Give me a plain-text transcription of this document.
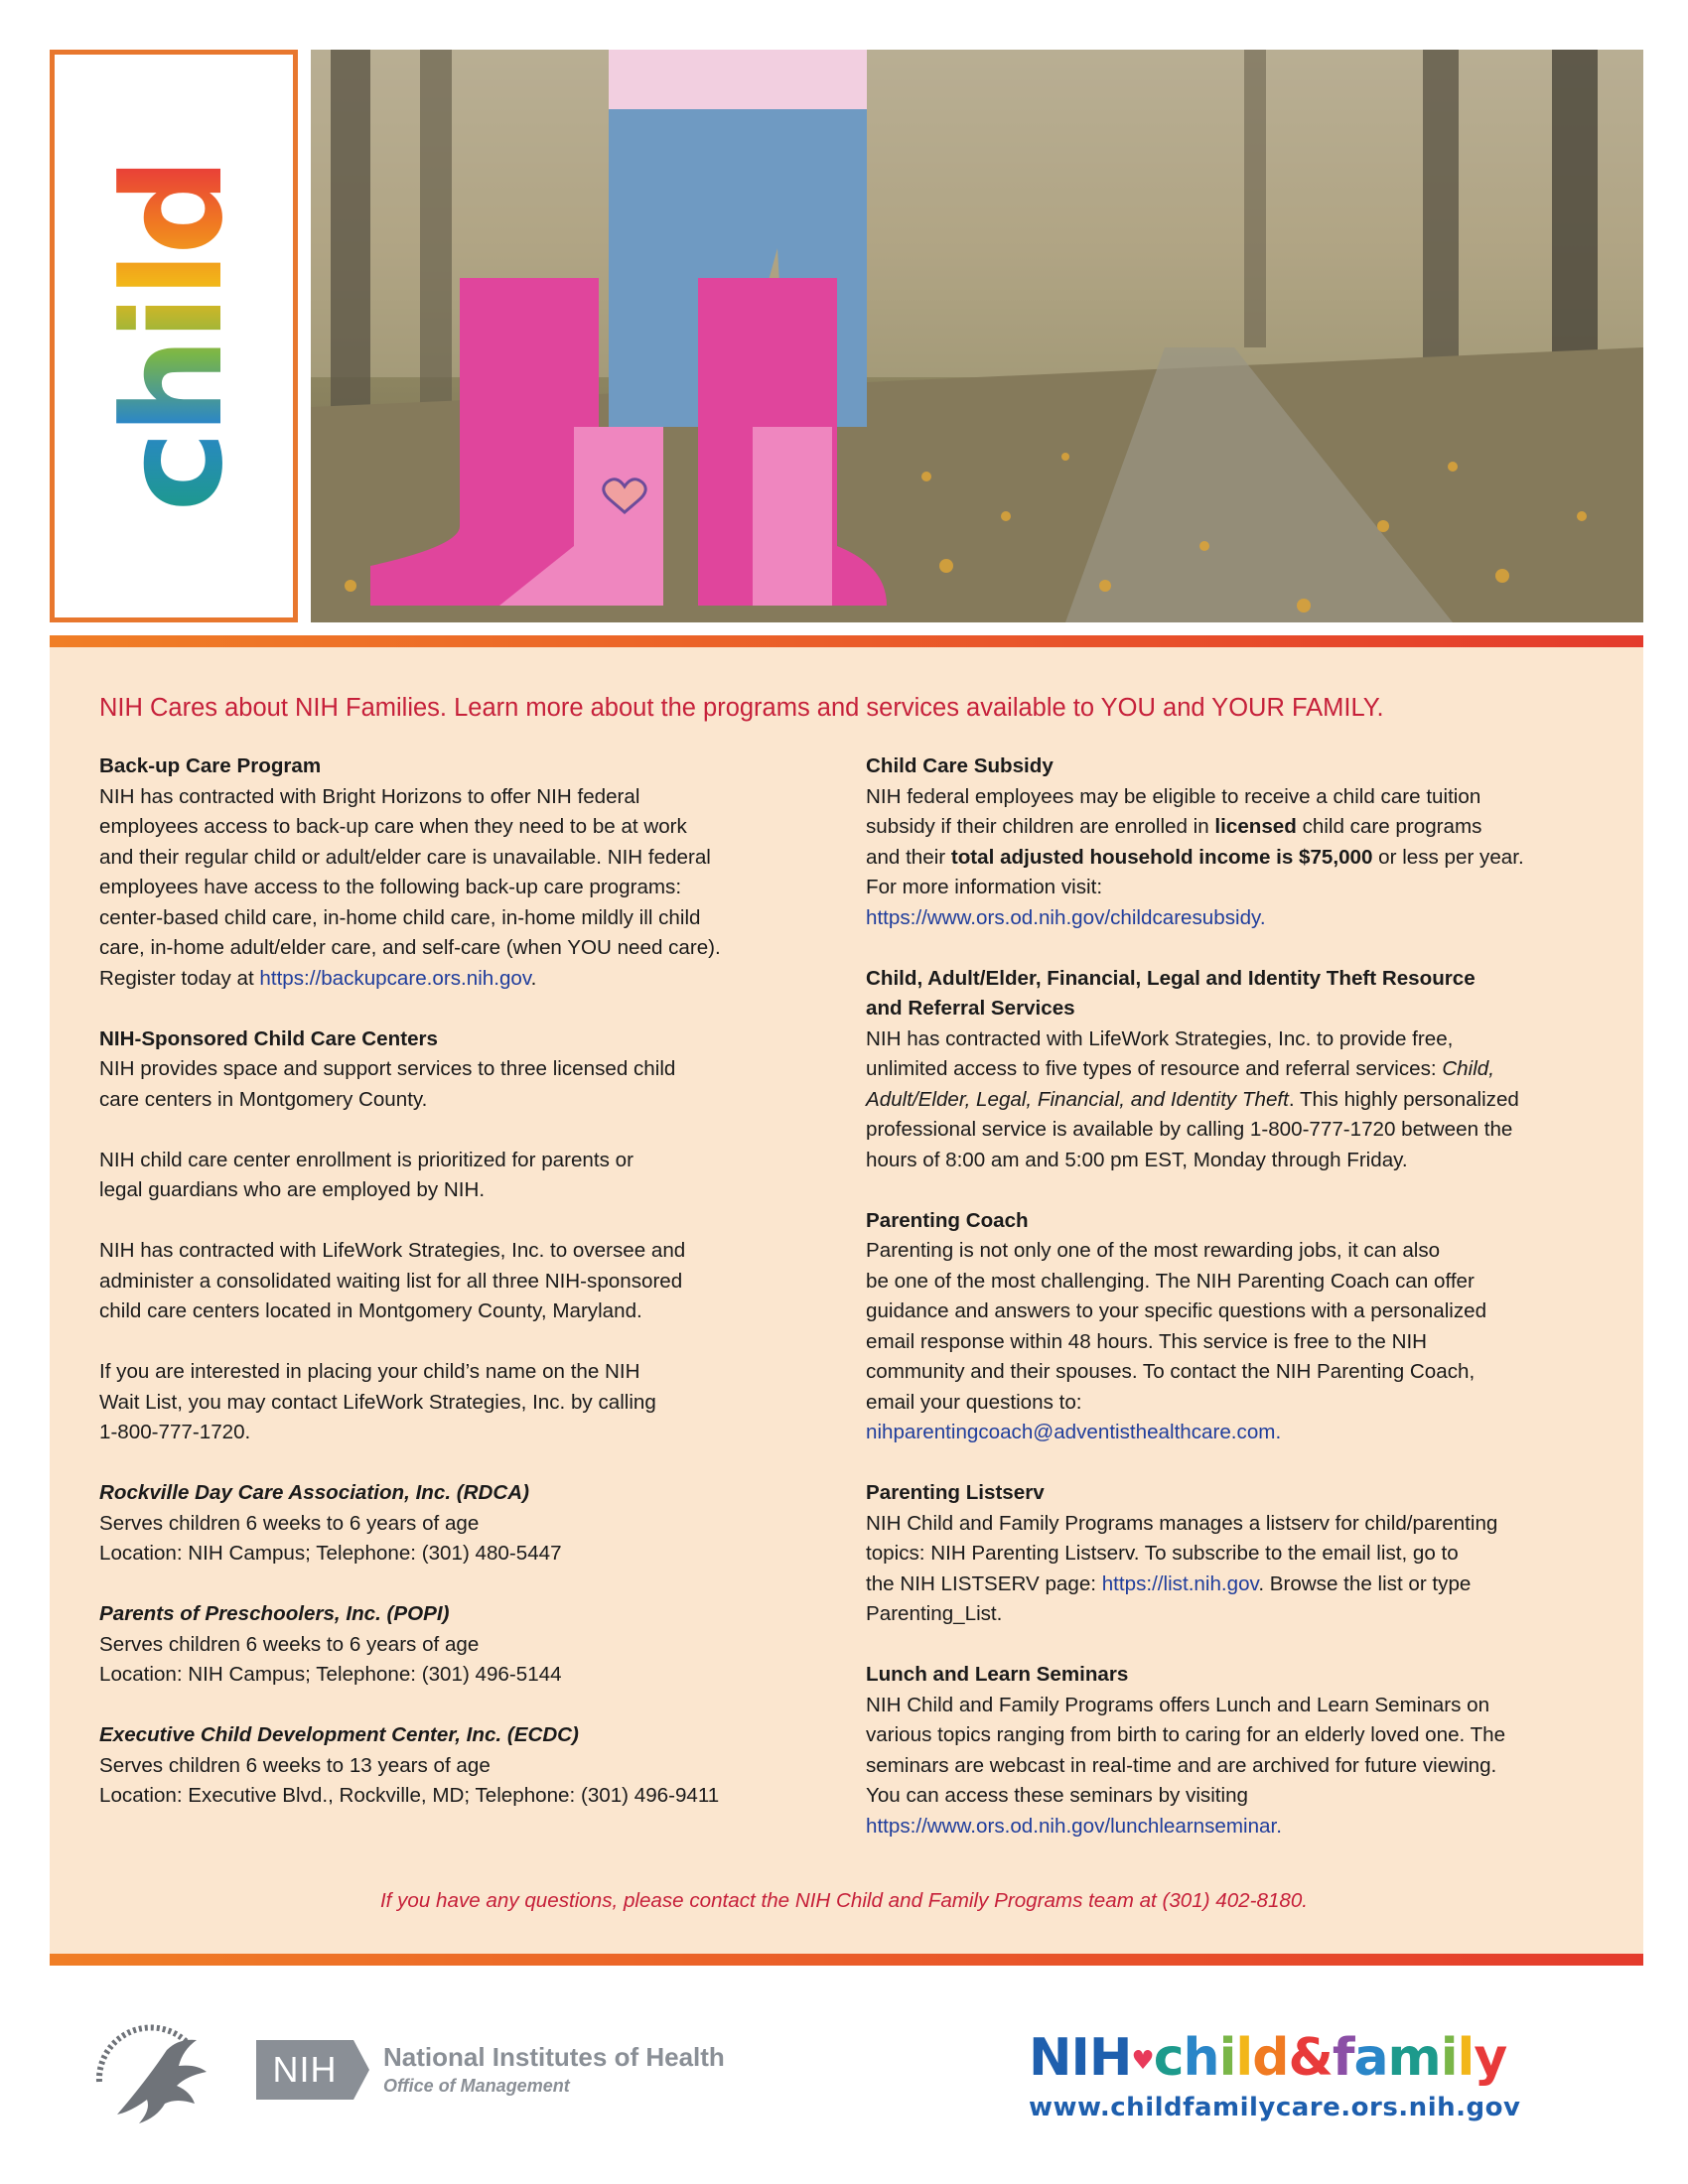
child
NIH Cares about NIH Families. Learn more about the programs and services available to YOU and YOUR FAMILY.

Back-up Care Program

NIH has contracted with Bright Horizons to offer NIH federal
employees access to back-up care when they need to be at work
and their regular child or adult/elder care is unavailable. NIH federal
employees have access to the following back-up care programs:
center-based child care, in-home child care, in-home mildly ill child
care, in-home adult/elder care, and self-care (when YOU need care).

Register today at https://backupcare.ors.nih.gov.

NIH-Sponsored Child Care Centers

NIH provides space and support services to three licensed child
care centers in Montgomery County.

NIH child care center enrollment is prioritized for parents or
legal guardians who are employed by NIH.

NIH has contracted with LifeWork Strategies, Inc. to oversee and
administer a consolidated waiting list for all three NIH-sponsored
child care centers located in Montgomery County, Maryland.

If you are interested in placing your child’s name on the NIH
Wait List, you may contact LifeWork Strategies, Inc. by calling
1-800-777-1720.

Rockville Day Care Association, Inc. (RDCA)

Serves children 6 weeks to 6 years of age

Location: NIH Campus; Telephone: (301) 480-5447

Parents of Preschoolers, Inc. (POPI)

Serves children 6 weeks to 6 years of age

Location: NIH Campus; Telephone: (301) 496-5144

Executive Child Development Center, Inc. (ECDC)

Serves children 6 weeks to 13 years of age

Location: Executive Blvd., Rockville, MD; Telephone: (301) 496-9411

Child Care Subsidy

NIH federal employees may be eligible to receive a child care tuition
subsidy if their children are enrolled in licensed child care programs
and their total adjusted household income is $75,000 or less per year.
For more information visit:

https://www.ors.od.nih.gov/childcaresubsidy.

Child, Adult/Elder, Financial, Legal and Identity Theft Resource
and Referral Services

NIH has contracted with LifeWork Strategies, Inc. to provide free,
unlimited access to five types of resource and referral services: Child,
Adult/Elder, Legal, Financial, and Identity Theft. This highly personalized
professional service is available by calling 1-800-777-1720 between the
hours of 8:00 am and 5:00 pm EST, Monday through Friday.

Parenting Coach

Parenting is not only one of the most rewarding jobs, it can also
be one of the most challenging. The NIH Parenting Coach can offer
guidance and answers to your specific questions with a personalized
email response within 48 hours. This service is free to the NIH
community and their spouses. To contact the NIH Parenting Coach,
email your questions to:

nihparentingcoach@adventisthealthcare.com.

Parenting Listserv

NIH Child and Family Programs manages a listserv for child/parenting
topics: NIH Parenting Listserv. To subscribe to the email list, go to
the NIH LISTSERV page: https://list.nih.gov. Browse the list or type
Parenting_List.

Lunch and Learn Seminars

NIH Child and Family Programs offers Lunch and Learn Seminars on
various topics ranging from birth to caring for an elderly loved one. The
seminars are webcast in real-time and are archived for future viewing.
You can access these seminars by visiting

https://www.ors.od.nih.gov/lunchlearnseminar.

If you have any questions, please contact the NIH Child and Family Programs team at (301) 402-8180.
NIH	National Institutes of Health
Office of Management	NIH♥child&family
www.childfamilycare.ors.nih.gov
